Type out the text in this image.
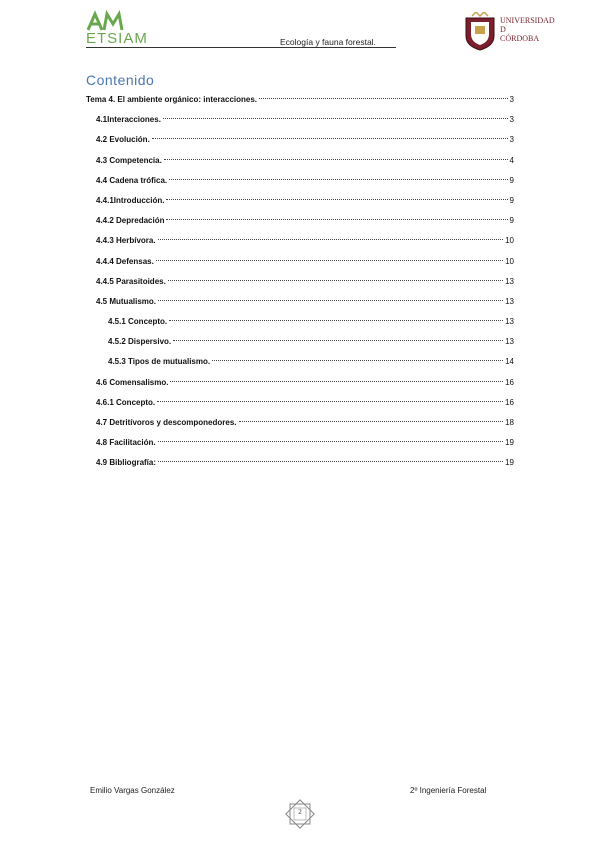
ETSIAM	Ecología y fauna forestal.
UNIVERSIDAD
D
CÓRDOBA
Contenido
Tema 4. El ambiente orgánico: interacciones.	3
4.1Interacciones.	3
4.2 Evolución.	3
4.3 Competencia.	4
4.4 Cadena trófica.	9
4.4.1Introducción.	9
4.4.2 Depredación	9
4.4.3 Herbívora.	10
4.4.4 Defensas.	10
4.4.5 Parasitoides.	13
4.5 Mutualismo.	13
4.5.1 Concepto.	13
4.5.2 Dispersivo.	13
4.5.3 Tipos de mutualismo.	14
4.6 Comensalismo.	16
4.6.1 Concepto.	16
4.7 Detritívoros y descomponedores.	18
4.8 Facilitación.	19
4.9 Bibliografía:	19
Emilio Vargas González	2º Ingeniería Forestal
2
